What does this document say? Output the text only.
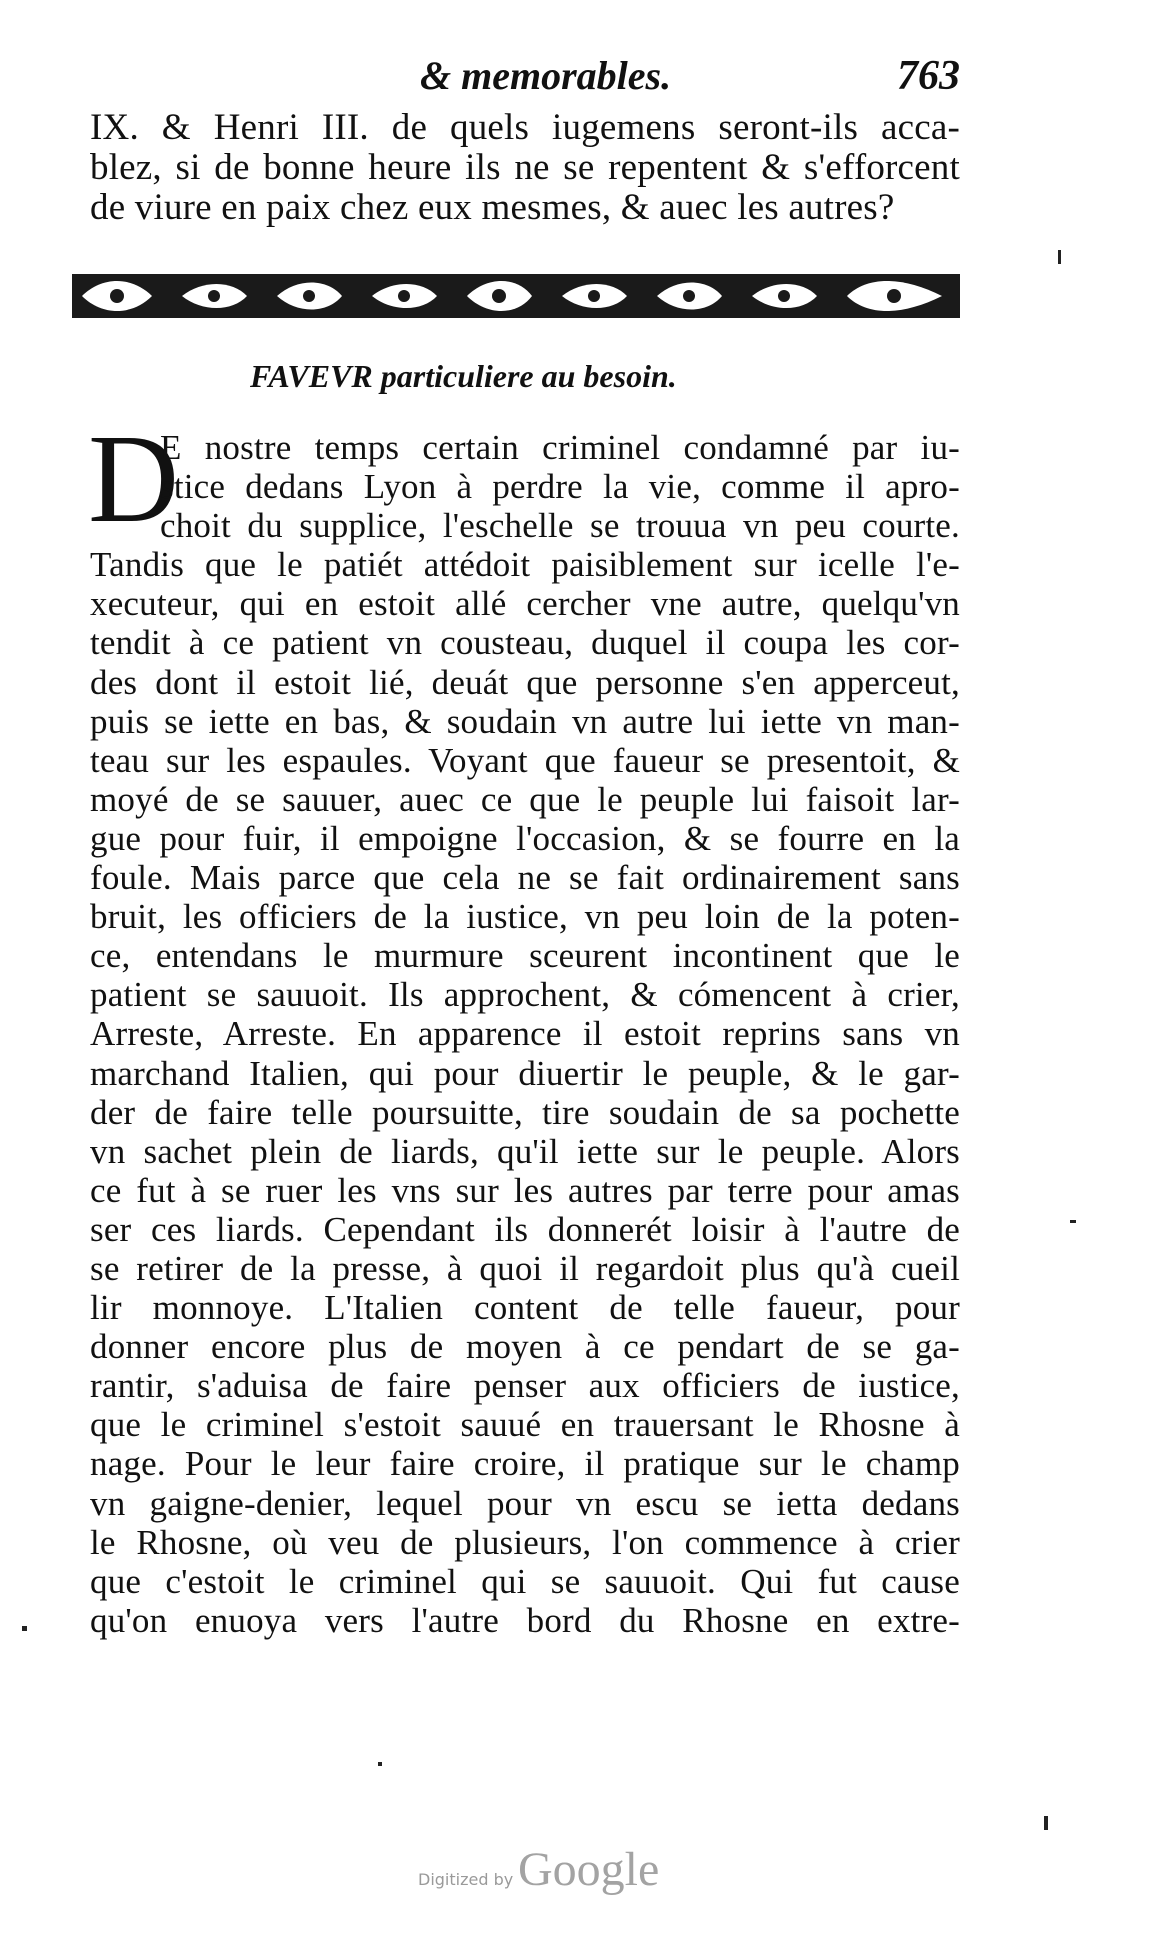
& memorables.	763
IX. & Henri III. de quels iugemens seront-ils acca-
blez, si de bonne heure ils ne se repentent & s'efforcent
de viure en paix chez eux mesmes, & auec les autres?
FAVEVR particuliere au besoin.
D
E nostre temps certain criminel condamné par iu-
stice dedans Lyon à perdre la vie, comme il apro-
choit du supplice, l'eschelle se trouua vn peu courte.
Tandis que le patiét attédoit paisiblement sur icelle l'e-
xecuteur, qui en estoit allé cercher vne autre, quelqu'vn
tendit à ce patient vn cousteau, duquel il coupa les cor-
des dont il estoit lié, deuát que personne s'en apperceut,
puis se iette en bas, & soudain vn autre lui iette vn man-
teau sur les espaules. Voyant que faueur se presentoit, &
moyé de se sauuer, auec ce que le peuple lui faisoit lar-
gue pour fuir, il empoigne l'occasion, & se fourre en la
foule. Mais parce que cela ne se fait ordinairement sans
bruit, les officiers de la iustice, vn peu loin de la poten-
ce, entendans le murmure sceurent incontinent que le
patient se sauuoit. Ils approchent, & cómencent à crier,
Arreste, Arreste. En apparence il estoit reprins sans vn
marchand Italien, qui pour diuertir le peuple, & le gar-
der de faire telle poursuitte, tire soudain de sa pochette
vn sachet plein de liards, qu'il iette sur le peuple. Alors
ce fut à se ruer les vns sur les autres par terre pour amas
ser ces liards. Cependant ils donnerét loisir à l'autre de
se retirer de la presse, à quoi il regardoit plus qu'à cueil
lir monnoye. L'Italien content de telle faueur, pour
donner encore plus de moyen à ce pendart de se ga-
rantir, s'aduisa de faire penser aux officiers de iustice,
que le criminel s'estoit sauué en trauersant le Rhosne à
nage. Pour le leur faire croire, il pratique sur le champ
vn gaigne-denier, lequel pour vn escu se ietta dedans
le Rhosne, où veu de plusieurs, l'on commence à crier
que c'estoit le criminel qui se sauuoit. Qui fut cause
qu'on enuoya vers l'autre bord du Rhosne en extre-
Digitized by Google
